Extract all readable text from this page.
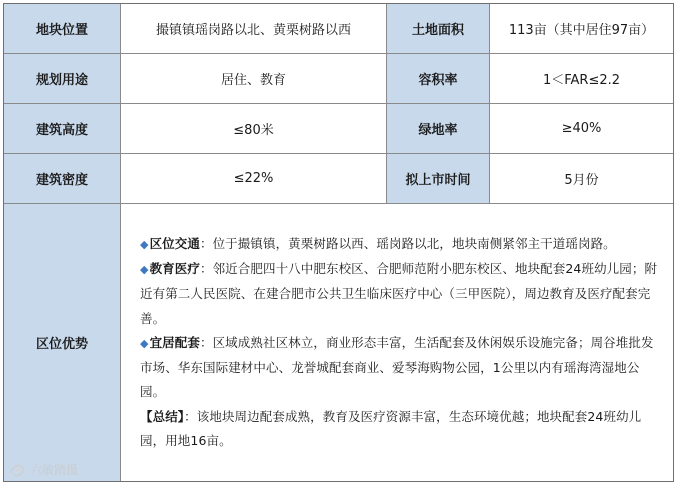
地块位置	撮镇镇瑶岗路以北、黄栗树路以西	土地面积	113亩（其中居住97亩）
规划用途	居住、教育	容积率	1＜FAR≤2.2
建筑高度	≤80米	绿地率	≥40%
建筑密度	≤22%	拟上市时间	5月份
区位优势

◆区位交通：位于撮镇镇，黄栗树路以西、瑶岗路以北，地块南侧紧邻主干道瑶岗路。

◆教育医疗：邻近合肥四十八中肥东校区、合肥师范附小肥东校区、地块配套24班幼儿园；附近有第二人民医院、在建合肥市公共卫生临床医疗中心（三甲医院），周边教育及医疗配套完善。

◆宜居配套：区域成熟社区林立，商业形态丰富，生活配套及休闲娱乐设施完备；周谷堆批发市场、华东国际建材中心、龙誉城配套商业、爱琴海购物公园，1公里以内有瑶海湾湿地公园。

【总结】：该地块周边配套成熟，教育及医疗资源丰富，生态环境优越；地块配套24班幼儿园，用地16亩。

六敏踏摄
